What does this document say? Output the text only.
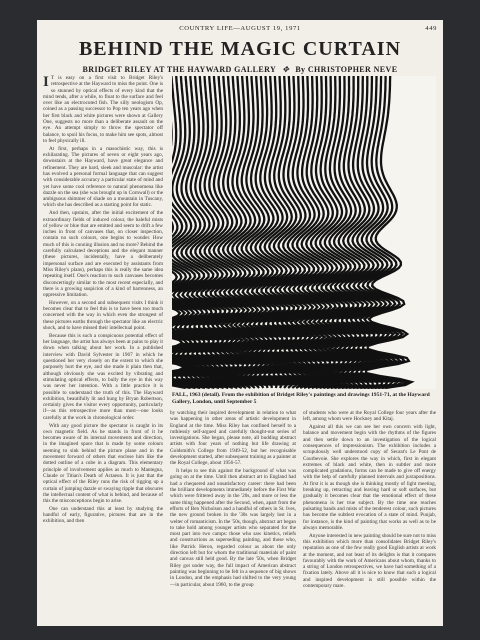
COUNTRY LIFE—AUGUST 19, 1971	449
BEHIND THE MAGIC CURTAIN
BRIDGET RILEY AT THE HAYWARD GALLERY ✥ By CHRISTOPHER NEVE

I T is easy on a first visit to Bridget Riley's retrospective at the Hayward to miss the point. One is so stunned by optical effects of every kind that the mind tends, after a while, to float to the surface and feel over like an electrocuted fish. The silly neologism Op, coined as a passing successor to Pop ten years ago when her first black and white pictures were shown at Gallery One, suggests no more than a deliberate assault on the eye. An attempt simply to throw the spectator off balance, to spoil his focus, to make him see spots, almost to feel physically ill.

At first, perhaps in a masochistic way, this is exhilarating. The pictures of seven or eight years ago, downstairs at the Hayward, have great elegance and refinement. They are hard, sleek and muscular: the artist has evolved a personal formal language that can suggest with considerable accuracy a particular state of mind and yet have some cool reference to natural phenomena like dazzle on the sea (she was brought up in Cornwall) or the ambiguous shimmer of shade on a mountain in Tuscany, which she has described as a starting point for static.

And then, upstairs, after the initial excitement of the extraordinary fields of induced colour, the baleful mists of yellow or blue that are emitted and seem to drift a few inches in front of canvases that, on closer inspection, contain no such colours, one begins to wonder. How much of this is cunning illusion and no more? Behind the carefully calculated deceptions and the elegant manner (these pictures, incidentally, have a deliberately impersonal surface and are executed by assistants from Miss Riley's plans), perhaps this is really the same idea repeating itself. One's reaction to such canvases becomes disconcertingly similar to the most recent especially, and there is a growing suspicion of a kind of barrenness, an oppressive limitation.

However, on a second and subsequent visits I think it becomes clear that to feel this is to have been too much concerned with the way in which even the strongest of these pictures earths through the spectator like an electric shock, and to have missed their intellectual point.

Because this is such a conspicuous potential effect of her language, the artist has always been at pains to play it down when talking about her work. In a published interview with David Sylvester in 1967 in which he questioned her very closely on the extent to which she purposely hurt the eye, and she made it plain then that, although obviously she was excited by vibrating and stimulating optical effects, to bully the eye in this way was never her intention. With a little practice it is possible to understand the truth of this. The Hayward exhibition, beautifully lit and hung by Bryan Robertson, certainly gives the visitor every opportunity, particularly if—as this retrospective more than most—one looks carefully at the work in chronological order.

With any good picture the spectator is caught in its own magnetic field. As he stands in front of it he becomes aware of its internal movements and direction, in the imagined space that is made by some colours seeming to sink behind the picture plane and in the movement forward of others that enclose him like the dotted outline of a cube in a diagram. This elementary principle of involvement applies as much to Mantegna, Claude or Titian's Death of Actaeon. It is just that the optical effect of the Riley runs the risk of rigging up a curtain of jumping dazzle or swaying ripple that obscures the intellectual content of what is behind, and because of this the misconceptions begin to arise.

One can understand this at least by studying the handful of early, figurative, pictures that are in the exhibition, and then

FALL, 1963 (detail). From the exhibition of Bridget Riley's paintings and drawings 1951-71, at the Hayward Gallery, London, until September 5

by watching their inspired development in relation to what was happening in other areas of artistic development in England at the time. Miss Riley has confined herself to a ruthlessly self-argued and carefully thought-out series of investigations. She began, please note, all budding abstract artists with four years of nothing but life drawing at Goldsmith's College from 1949-52, but her recognisable development started, after subsequent training as a painter at the Royal College, about 1956-57.

It helps to see this against the background of what was going on at the time. Until then abstract art in England had had a chequered and unsatisfactory career: there had been the brilliant developments immediately before the First War which were frittered away in the '20s, and more or less the same thing happened after the Second, when, apart from the efforts of Ben Nicholson and a handful of others in St. Ives, the new ground broken in the '30s was largely lost in a welter of romanticism. In the '50s, though, abstract art began to take hold among younger artists who separated for the most part into two camps: those who saw kinetics, reliefs and constructions as superseding painting, and those who, like Patrick Heron, regarded colour as about the only direction left but for whom the traditional materials of paint and canvas still held good. By the late '50s, when Bridget Riley got under way, the full impact of American abstract painting was beginning to be felt in a sequence of big shows in London, and the emphasis had shifted to the very young—in particular, about 1960, to the group

of students who were at the Royal College four years after the left, among whom were Hockney and Kitaj.

Against all this we can see her own concern with light, balance and movement begin with the rhythms of the figures and then settle down to an investigation of the logical consequences of impressionism. The exhibition includes a scrupulously well understood copy of Seurat's Le Pont de Courbevoie. She explores the way in which, first in elegant extremes of black and white, then in subtler and more complicated gradations, forms can be made to give off energy with the help of carefully planned intervals and juxtapositions. At first it is as though she is thinking mostly of light meeting, breaking up, retracting and leaving hard or soft surfaces, but gradually it becomes clear that the emotional effect of these phenomena is her true subject. By the time one reaches pulsating bands and mists of the tenderest colour, such pictures has become the subtlest evocation of a state of mind. Punjab, for instance, is the kind of painting that works as well as to be always memorable.

Anyone interested in new painting should be sure not to miss this exhibition which more than consolidates Bridget Riley's reputation as one of the few really good English artists at work at the moment, and not least of its delights is that it compares favourably with the work of Americans about whom, thanks to a string of London retrospectives, we have had something of a fixation lately. Above all it is nice to know that such a logical and inspired development is still possible within the contemporary mare.
